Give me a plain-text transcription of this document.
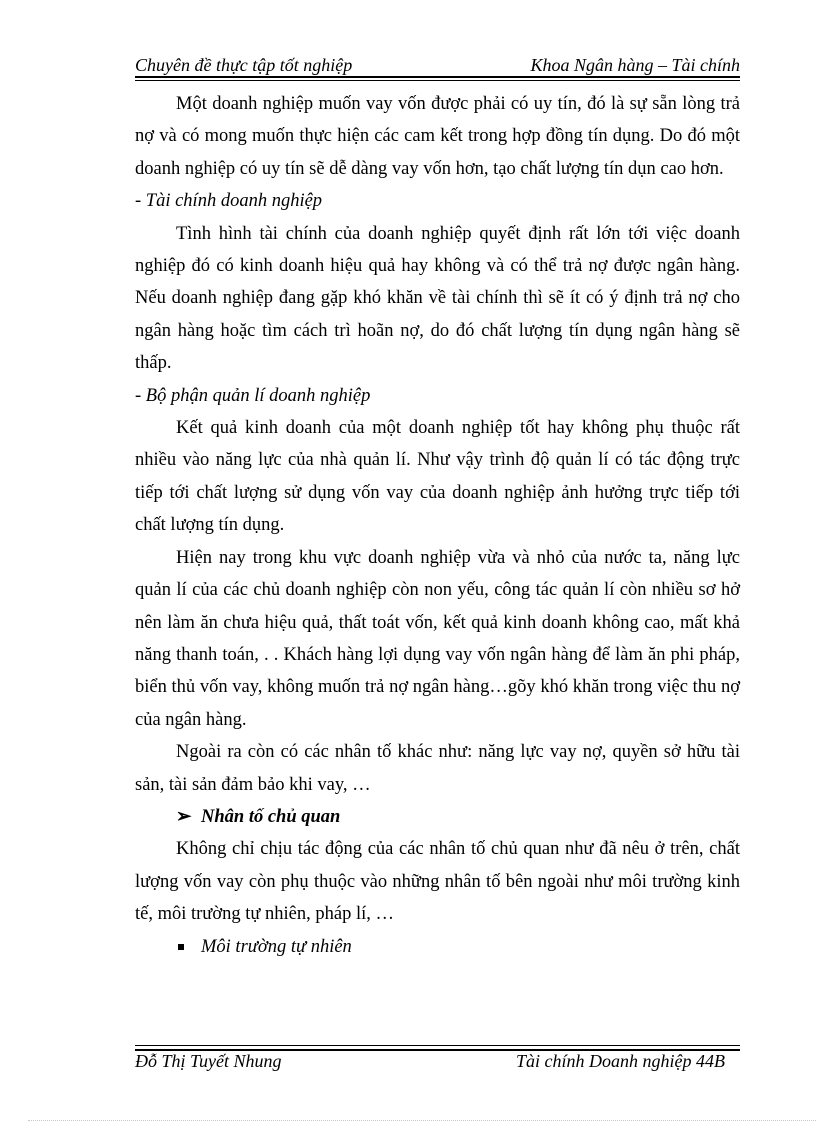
Chuyên đề thực tập tốt nghiệp	Khoa Ngân hàng – Tài chính

Một doanh nghiệp muốn vay vốn được phải có uy tín, đó là sự sẵn lòng trả nợ và có mong muốn thực hiện các cam kết trong hợp đồng tín dụng. Do đó một doanh nghiệp có uy tín sẽ dễ dàng vay vốn hơn, tạo chất lượng tín dụn cao hơn.

- Tài chính doanh nghiệp

Tình hình tài chính của doanh nghiệp quyết định rất lớn tới việc doanh nghiệp đó có kinh doanh hiệu quả hay không và có thể trả nợ được ngân hàng. Nếu doanh nghiệp đang gặp khó khăn về tài chính thì sẽ ít có ý định trả nợ cho ngân hàng hoặc tìm cách trì hoãn nợ, do đó chất lượng tín dụng ngân hàng sẽ thấp.

- Bộ phận quản lí doanh nghiệp

Kết quả kinh doanh của một doanh nghiệp tốt hay không phụ thuộc rất nhiều vào năng lực của nhà quản lí. Như vậy trình độ quản lí có tác động trực tiếp tới chất lượng sử dụng vốn vay của doanh nghiệp ảnh hưởng trực tiếp tới chất lượng tín dụng.

Hiện nay trong khu vực doanh nghiệp vừa và nhỏ của nước ta, năng lực quản lí của các chủ doanh nghiệp còn non yếu, công tác quản lí còn nhiều sơ hở nên làm ăn chưa hiệu quả, thất toát vốn, kết quả kinh doanh không cao, mất khả năng thanh toán, . . Khách hàng lợi dụng vay vốn ngân hàng để làm ăn phi pháp, biển thủ vốn vay, không muốn trả nợ ngân hàng…gõy khó khăn trong việc thu nợ của ngân hàng.

Ngoài ra còn có các nhân tố khác như: năng lực vay nợ, quyền sở hữu tài sản, tài sản đảm bảo khi vay, …

➢ Nhân tố chủ quan

Không chỉ chịu tác động của các nhân tố chủ quan như đã nêu ở trên, chất lượng vốn vay còn phụ thuộc vào những nhân tố bên ngoài như môi trường kinh tế, môi trường tự nhiên, pháp lí, …

Môi trường tự nhiên

Đỗ Thị Tuyết Nhung	Tài chính Doanh nghiệp 44B
